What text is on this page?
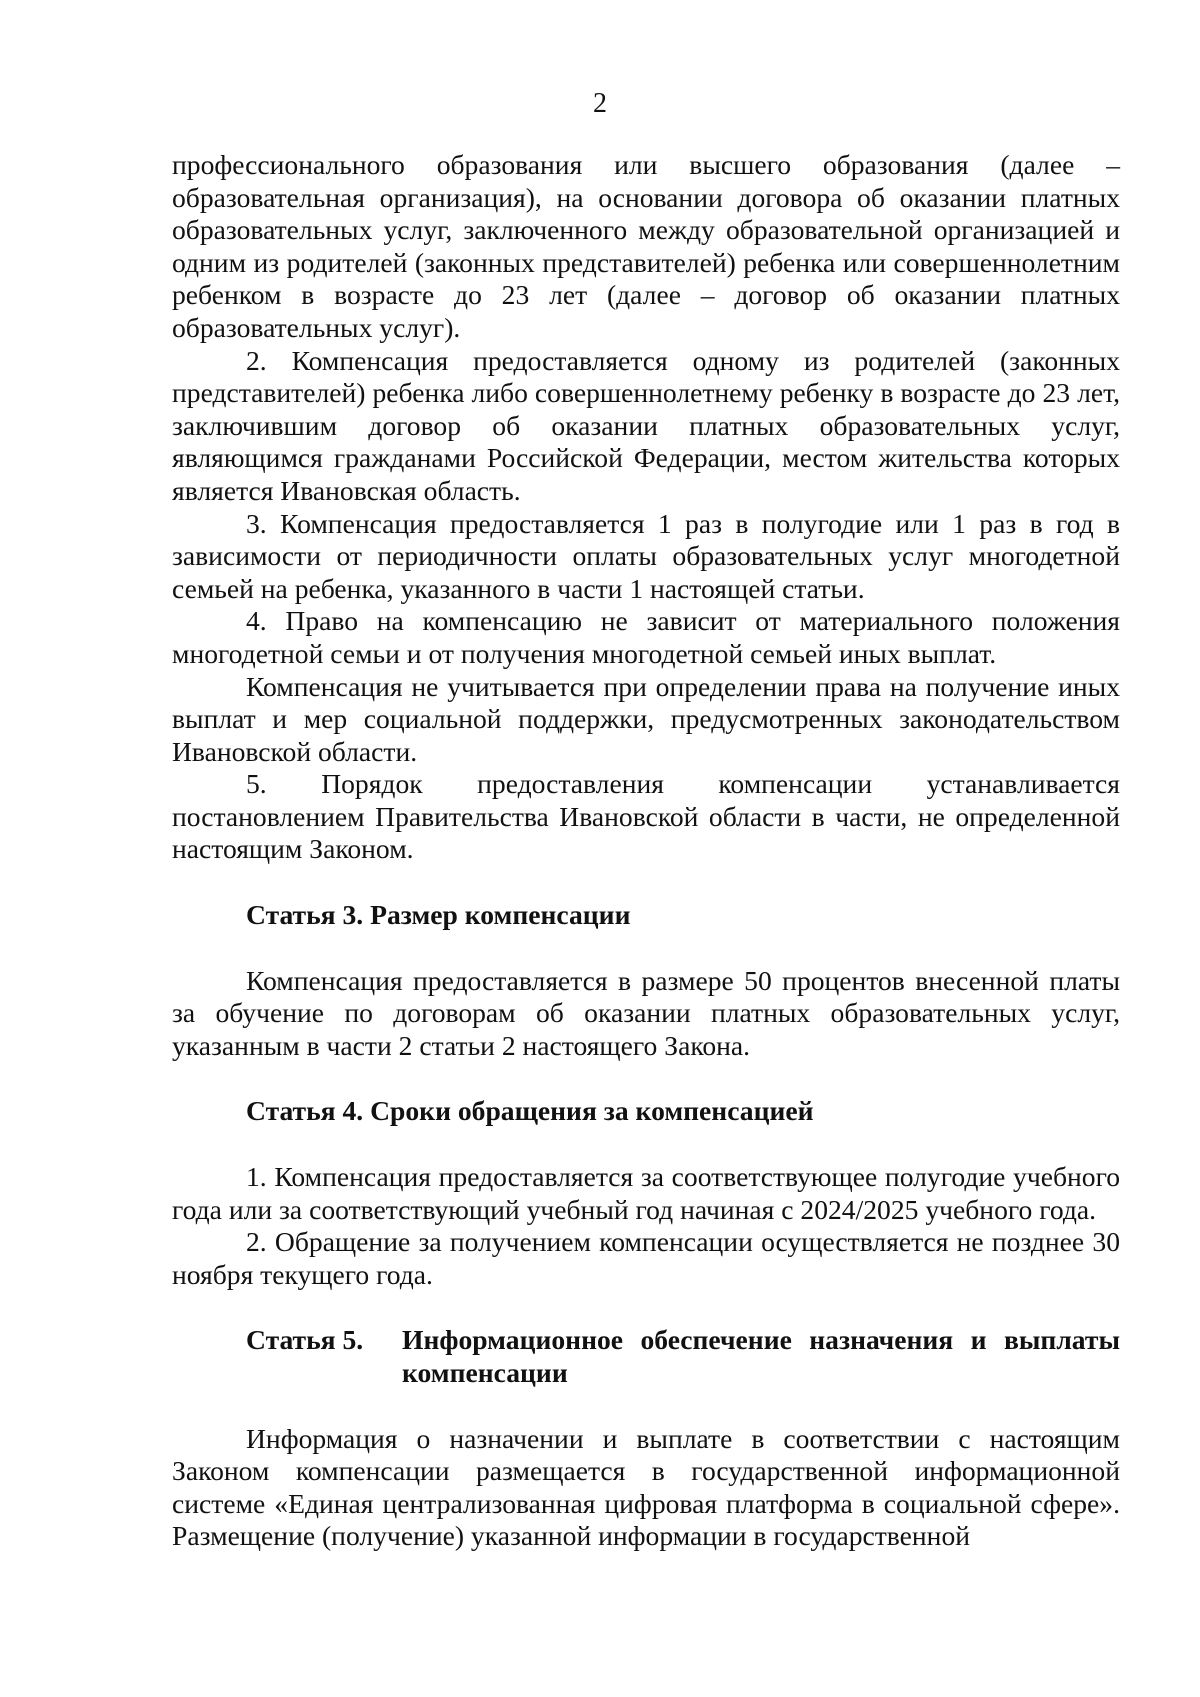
2

профессионального образования или высшего образования (далее – образовательная организация), на основании договора об оказании платных образовательных услуг, заключенного между образовательной организацией и одним из родителей (законных представителей) ребенка или совершеннолетним ребенком в возрасте до 23 лет (далее – договор об оказании платных образовательных услуг).

2. Компенсация предоставляется одному из родителей (законных представителей) ребенка либо совершеннолетнему ребенку в возрасте до 23 лет, заключившим договор об оказании платных образовательных услуг, являющимся гражданами Российской Федерации, местом жительства которых является Ивановская область.

3. Компенсация предоставляется 1 раз в полугодие или 1 раз в год в зависимости от периодичности оплаты образовательных услуг многодетной семьей на ребенка, указанного в части 1 настоящей статьи.

4. Право на компенсацию не зависит от материального положения многодетной семьи и от получения многодетной семьей иных выплат.

Компенсация не учитывается при определении права на получение иных выплат и мер социальной поддержки, предусмотренных законодательством Ивановской области.

5. Порядок предоставления компенсации устанавливается постановлением Правительства Ивановской области в части, не определенной настоящим Законом.

Статья 3. Размер компенсации

Компенсация предоставляется в размере 50 процентов внесенной платы за обучение по договорам об оказании платных образовательных услуг, указанным в части 2 статьи 2 настоящего Закона.

Статья 4. Сроки обращения за компенсацией

1. Компенсация предоставляется за соответствующее полугодие учебного года или за соответствующий учебный год начиная с 2024/2025 учебного года.

2. Обращение за получением компенсации осуществляется не позднее 30 ноября текущего года.

Статья 5.	Информационное обеспечение назначения и выплаты компенсации

Информация о назначении и выплате в соответствии с настоящим Законом компенсации размещается в государственной информационной системе «Единая централизованная цифровая платформа в социальной сфере». Размещение (получение) указанной информации в государственной
